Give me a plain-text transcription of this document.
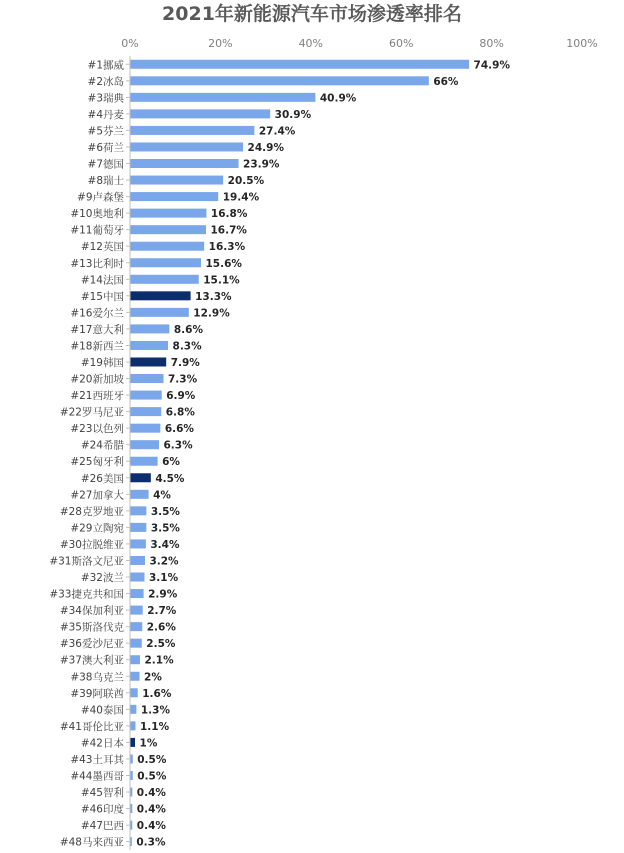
2021年新能源汽车市场渗透率排名
0%	20%	40%	60%	80%	100%
#1挪威	74.9%
#2冰岛	66%
#3瑞典	40.9%
#4丹麦	30.9%
#5芬兰	27.4%
#6荷兰	24.9%
#7德国	23.9%
#8瑞士	20.5%
#9卢森堡	19.4%
#10奥地利	16.8%
#11葡萄牙	16.7%
#12英国	16.3%
#13比利时	15.6%
#14法国	15.1%
#15中国	13.3%
#16爱尔兰	12.9%
#17意大利	8.6%
#18新西兰	8.3%
#19韩国	7.9%
#20新加坡	7.3%
#21西班牙	6.9%
#22罗马尼亚	6.8%
#23以色列	6.6%
#24希腊	6.3%
#25匈牙利	6%
#26美国	4.5%
#27加拿大	4%
#28克罗地亚	3.5%
#29立陶宛	3.5%
#30拉脱维亚	3.4%
#31斯洛文尼亚 3.2%
#32波兰 3.1%
#33捷克共和国 2.9%
#34保加利亚 2.7%
#35斯洛伐克 2.6%
#36爱沙尼亚 2.5%
#37澳大利亚 2.1%
#38乌克兰 2%
#39阿联酋 1.6%
#40泰国 1.3%
#41哥伦比亚 1.1%
#42日本 1%
#43土耳其 0.5%
#44墨西哥 0.5%
#45智利 0.4%
#46印度 0.4%
#47巴西 0.4%
#48马来西亚 0.3%
